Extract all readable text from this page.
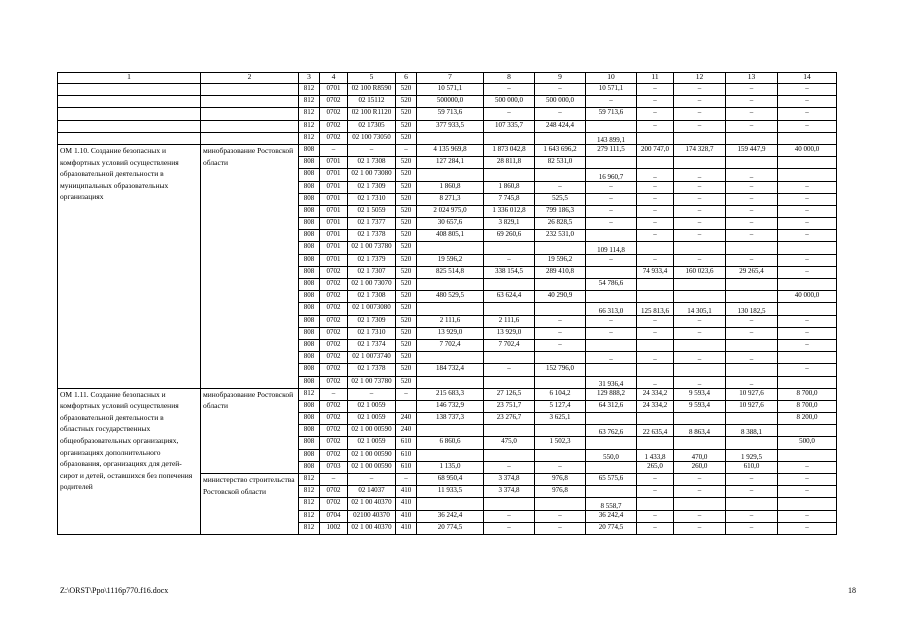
1	2	3	4	5	6	7	8	9	10	11	12	13	14
		812	0701	02 100 R8590	520	10 571,1	–	–	10 571,1	–	–	–	–
		812	0702	02 15112	520	500000,0	500 000,0	500 000,0	–	–	–	–	–
		812	0702	02 100 R1120	520	59 713,6	–	–	59 713,6	–	–	–	–
		812	0702	02 17305	520	377 933,5	107 335,7	248 424,4		–	–	–	–
		812	0702	02 100 73050	520				143 899,1				
ОМ 1.10. Создание безопасных и комфортных условий осуществления образовательной деятельности в муниципальных образовательных организациях	минобразование Ростовской области	808	–	–	–	4 135 969,8	1 873 042,8	1 643 696,2	279 111,5	200 747,0	174 328,7	159 447,9	40 000,0
		808	0701	02 1 7308	520	127 284,1	28 811,8	82 531,0					
		808	0701	02 1 00 73080	520				16 960,7	–	–	–	
		808	0701	02 1 7309	520	1 860,8	1 860,8	–	–	–	–	–	–
		808	0701	02 1 7310	520	8 271,3	7 745,8	525,5	–	–	–	–	–
		808	0701	02 1 5059	520	2 024 975,0	1 336 012,8	799 186,3	–	–	–	–	–
		808	0701	02 1 7377	520	30 657,6	3 829,1	26 828,5	–	–	–	–	–
		808	0701	02 1 7378	520	408 805,1	69 260,6	232 531,0		–	–	–	–
		808	0701	02 1 00 73780	520				109 114,8				
		808	0701	02 1 7379	520	19 596,2	–	19 596,2	–	–	–	–	–
		808	0702	02 1 7307	520	825 514,8	338 154,5	289 410,8		74 933,4	160 023,6	29 265,4	–
		808	0702	02 1 00 73070	520				54 786,6				
		808	0702	02 1 7308	520	480 529,5	63 624,4	40 290,9					40 000,0
		808	0702	02 1 0073080	520				66 313,0	125 813,6	14 305,1	130 182,5	
		808	0702	02 1 7309	520	2 111,6	2 111,6	–	–	–	–	–	–
		808	0702	02 1 7310	520	13 929,0	13 929,0	–	–	–	–	–	–
		808	0702	02 1 7374	520	7 702,4	7 702,4	–					–
		808	0702	02 1 0073740	520				–	–	–	–	
		808	0702	02 1 7378	520	184 732,4	–	152 796,0					–
		808	0702	02 1 00 73780	520				31 936,4	–	–	–	
ОМ 1.11. Создание безопасных и комфортных условий осуществления образовательной деятельности в областных государственных общеобразовательных организациях, организациях дополнительного образования, организациях для детей-сирот и детей, оставшихся без попечения родителей	минобразование Ростовской области	812	–	–	–	215 683,3	27 126,5	6 104,2	129 888,2	24 334,2	9 593,4	10 927,6	8 700,0
		808	0702	02 1 0059		146 732,9	23 751,7	5 127,4	64 312,6	24 334,2	9 593,4	10 927,6	8 700,0
		808	0702	02 1 0059	240	138 737,3	23 276,7	3 625,1					8 200,0
		808	0702	02 1 00 00590	240				63 762,6	22 635,4	8 863,4	8 388,1	
		808	0702	02 1 0059	610	6 860,6	475,0	1 502,3					500,0
		808	0702	02 1 00 00590	610				550,0	1 433,8	470,0	1 929,5	
		808	0703	02 1 00 00590	610	1 135,0	–	–		265,0	260,0	610,0	–
	министерство строительства Ростовской области	812	–	–	–	68 950,4	3 374,8	976,8	65 575,6	–	–	–	–
		812	0702	02 14037	410	11 933,5	3 374,8	976,8		–	–	–	–
		812	0702	02 1 00 40370	410				8 558,7				
		812	0704	02100 40370	410	36 242,4	–	–	36 242,4	–	–	–	–
		812	1002	02 1 00 40370	410	20 774,5	–	–	20 774,5	–	–	–	–
Z:\ORST\Ppo\1116p770.f16.docx	18
